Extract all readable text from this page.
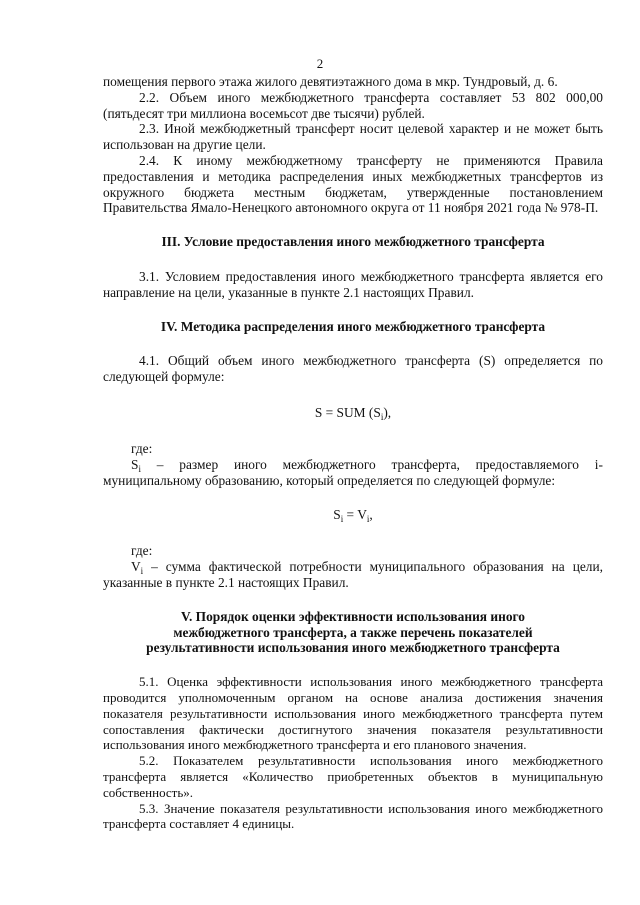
2

помещения первого этажа жилого девятиэтажного дома в мкр. Тундровый, д. 6.

2.2. Объем иного межбюджетного трансферта составляет 53 802 000,00 (пятьдесят три миллиона восемьсот две тысячи) рублей.

2.3. Иной межбюджетный трансферт носит целевой характер и не может быть использован на другие цели.

2.4. К иному межбюджетному трансферту не применяются Правила предоставления и методика распределения иных межбюджетных трансфертов из окружного бюджета местным бюджетам, утвержденные постановлением Правительства Ямало-Ненецкого автономного округа от 11 ноября 2021 года № 978-П.

III. Условие предоставления иного межбюджетного трансферта

3.1. Условием предоставления иного межбюджетного трансферта является его направление на цели, указанные в пункте 2.1 настоящих Правил.

IV. Методика распределения иного межбюджетного трансферта

4.1. Общий объем иного межбюджетного трансферта (S) определяется по следующей формуле:

S = SUM $(S_i)$,

где:

$S_i$ – размер иного межбюджетного трансферта, предоставляемого i-муниципальному образованию, который определяется по следующей формуле:

$S_i = V_i$,

где:

$V_i$ – сумма фактической потребности муниципального образования на цели, указанные в пункте 2.1 настоящих Правил.

V. Порядок оценки эффективности использования иного
межбюджетного трансферта, а также перечень показателей
результативности использования иного межбюджетного трансферта

5.1. Оценка эффективности использования иного межбюджетного трансферта проводится уполномоченным органом на основе анализа достижения значения показателя результативности использования иного межбюджетного трансферта путем сопоставления фактически достигнутого значения показателя результативности использования иного межбюджетного трансферта и его планового значения.

5.2. Показателем результативности использования иного межбюджетного трансферта является «Количество приобретенных объектов в муниципальную собственность».

5.3. Значение показателя результативности использования иного межбюджетного трансферта составляет 4 единицы.
